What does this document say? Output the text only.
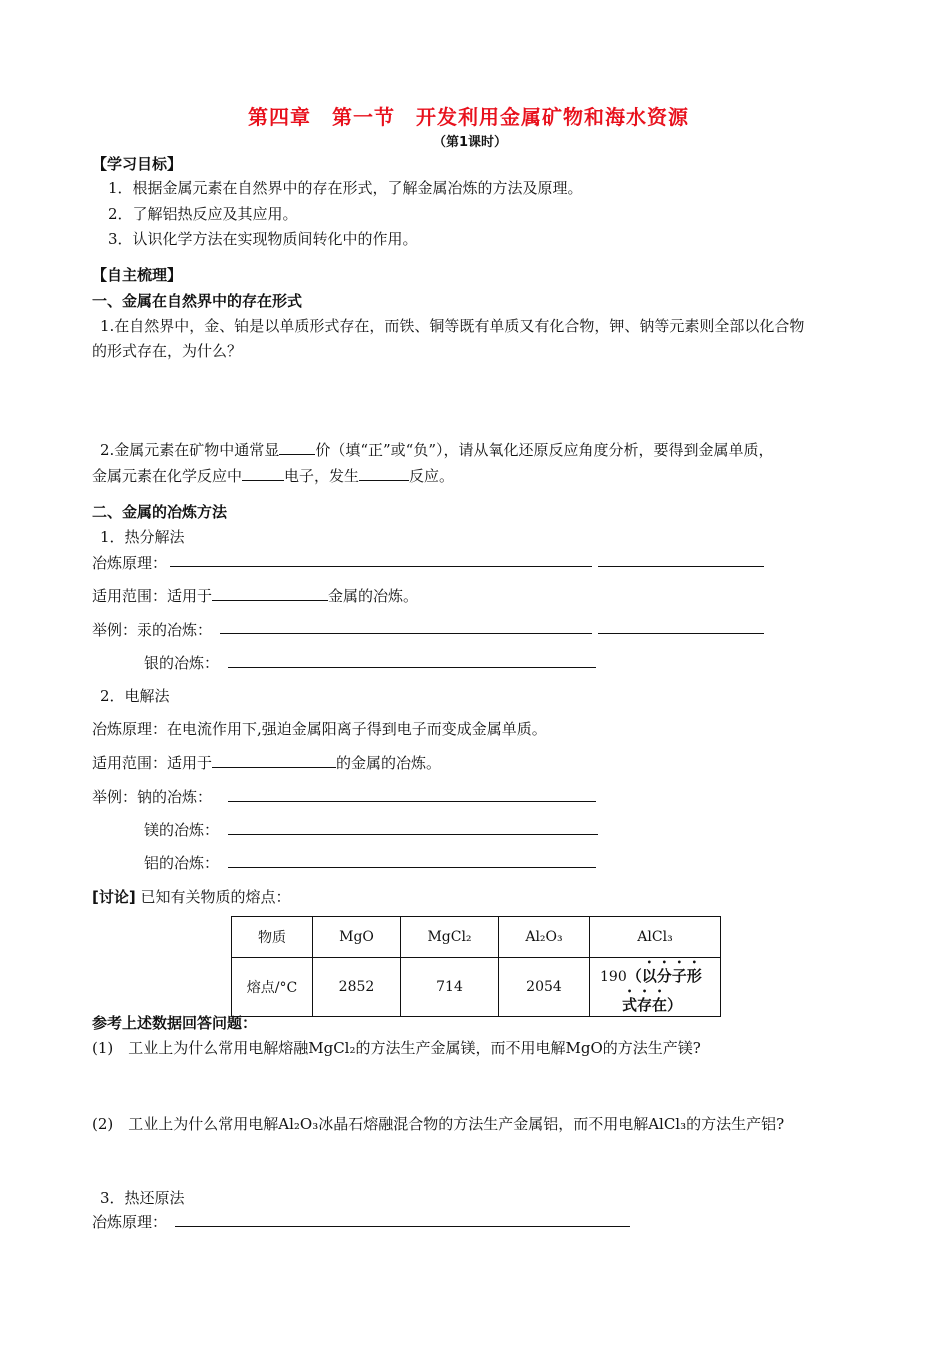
第四章　第一节　开发利用金属矿物和海水资源
（第1课时）
【学习目标】
1．根据金属元素在自然界中的存在形式，了解金属冶炼的方法及原理。
2．了解铝热反应及其应用。
3．认识化学方法在实现物质间转化中的作用。
【自主梳理】
一、金属在自然界中的存在形式
1.在自然界中，金、铂是以单质形式存在，而铁、铜等既有单质又有化合物，钾、钠等元素则全部以化合物
的形式存在，为什么？
2.金属元素在矿物中通常显 价（填“正”或“负”），请从氧化还原反应角度分析，要得到金属单质，
金属元素在化学反应中	电子，发生	反应。
二、金属的冶炼方法
1．热分解法
冶炼原理：
适用范围：适用于	金属的冶炼。
举例：汞的冶炼：
银的冶炼：
2．电解法
冶炼原理：在电流作用下,强迫金属阳离子得到电子而变成金属单质。
适用范围：适用于	的金属的冶炼。
举例：钠的冶炼：
镁的冶炼：
铝的冶炼：
[讨论] 已知有关物质的熔点：
物质	MgO	MgCl₂	Al₂O₃	AlCl₃
熔点/°C	2852	714	2054	190（以分子形
式存在）
参考上述数据回答问题：
(1)　工业上为什么常用电解熔融MgCl₂的方法生产金属镁，而不用电解MgO的方法生产镁?
(2)　工业上为什么常用电解Al₂O₃冰晶石熔融混合物的方法生产金属铝，而不用电解AlCl₃的方法生产铝?
3．热还原法
冶炼原理：
